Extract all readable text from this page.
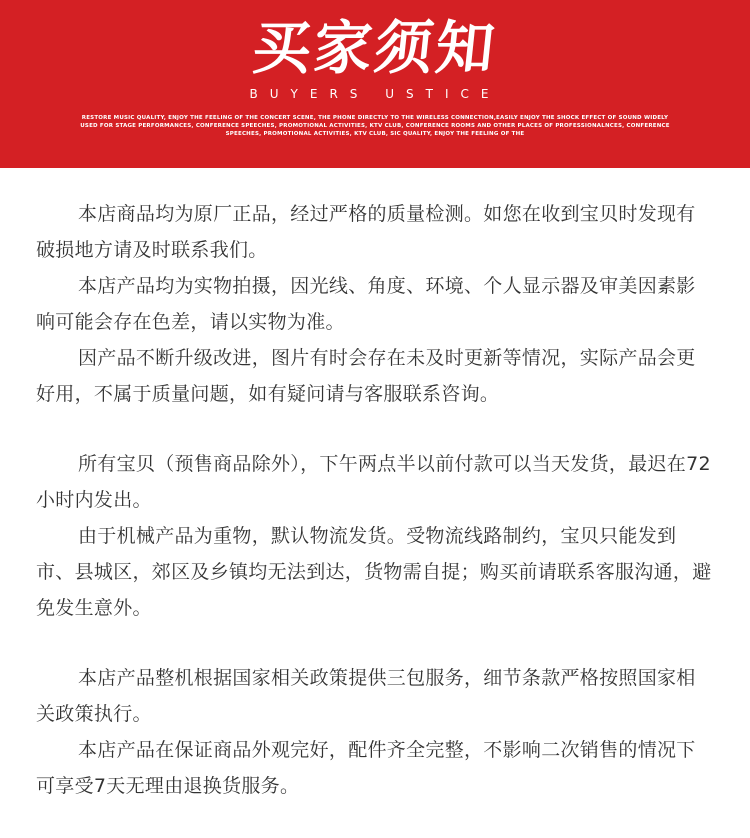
买家须知
BUYERS USTICE
RESTORE MUSIC QUALITY, ENJOY THE FEELING OF THE CONCERT SCENE, THE PHONE DIRECTLY TO THE WIRELESS CONNECTION,EASILY ENJOY THE SHOCK EFFECT OF SOUND WIDELY USED FOR STAGE PERFORMANCES, CONFERENCE SPEECHES, PROMOTIONAL ACTIVITIES, KTV CLUB, CONFERENCE ROOMS AND OTHER PLACES OF PROFESSIONALNCES, CONFERENCE SPEECHES, PROMOTIONAL ACTIVITIES, KTV CLUB, SIC QUALITY, ENJOY THE FEELING OF THE

本店商品均为原厂正品，经过严格的质量检测。如您在收到宝贝时发现有破损地方请及时联系我们。

本店产品均为实物拍摄，因光线、角度、环境、个人显示器及审美因素影响可能会存在色差，请以实物为准。

因产品不断升级改进，图片有时会存在未及时更新等情况，实际产品会更好用，不属于质量问题，如有疑问请与客服联系咨询。

所有宝贝（预售商品除外），下午两点半以前付款可以当天发货，最迟在72小时内发出。

由于机械产品为重物，默认物流发货。受物流线路制约，宝贝只能发到市、县城区，郊区及乡镇均无法到达，货物需自提；购买前请联系客服沟通，避免发生意外。

本店产品整机根据国家相关政策提供三包服务，细节条款严格按照国家相关政策执行。

本店产品在保证商品外观完好，配件齐全完整，不影响二次销售的情况下可享受7天无理由退换货服务。
